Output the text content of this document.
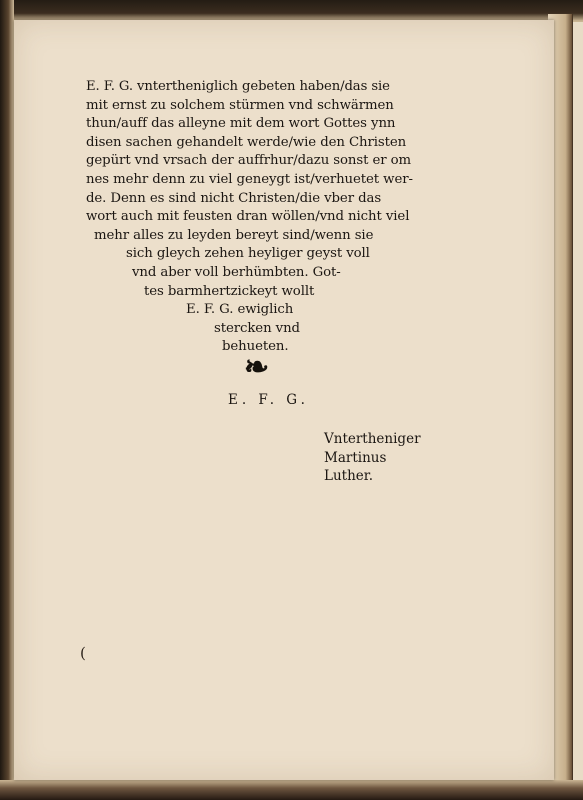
E. F. G. vntertheniglich gebeten haben/das sie
mit ernst zu solchem stürmen vnd schwärmen
thun/auff das alleyne mit dem wort Gottes ynn
disen sachen gehandelt werde/wie den Christen
gepürt vnd vrsach der auffrhur/dazu sonst er om
nes mehr denn zu viel geneygt ist/verhuetet wer-
de. Denn es sind nicht Christen/die vber das
wort auch mit feusten dran wöllen/vnd nicht viel
mehr alles zu leyden bereyt sind/wenn sie
sich gleych zehen heyliger geyst voll
vnd aber voll berhümbten. Got-
tes barmhertzickeyt wollt
E. F. G. ewiglich
stercken vnd
behueten.
❧
E. F. G.
Vntertheniger
Martinus
Luther.
(
